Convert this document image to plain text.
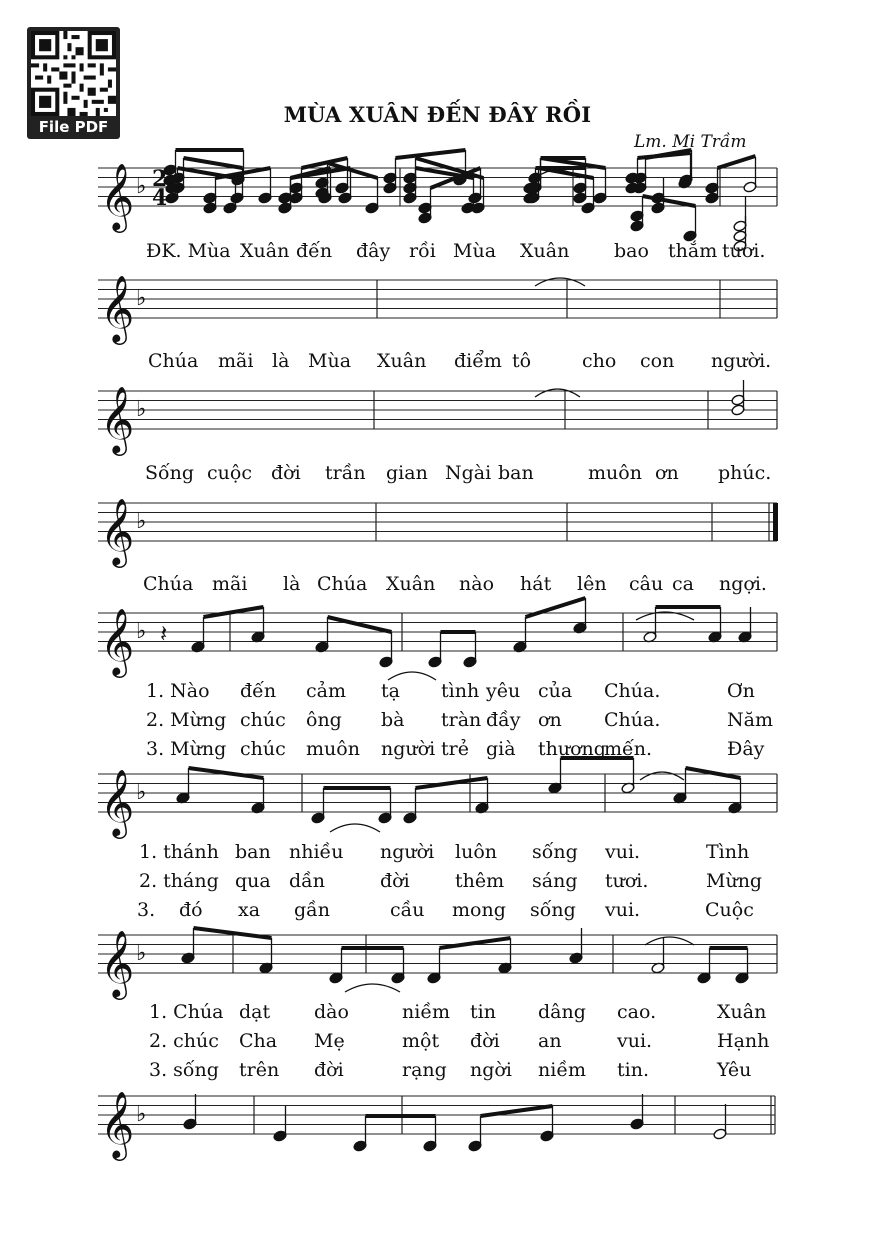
File PDF	MÙA XUÂN ĐẾN ĐÂY RỒI
Lm. Mi Trầm
𝄞 ♭
𝄞 ♭
𝄞 ♭
𝄞 ♭
𝄞 ♭
𝄞 ♭
𝄞 ♭
𝄞 ♭
2
4
𝄽
ĐK. Mùa Xuân đến đây rồi Mùa Xuân bao thắm tươi.
Chúa mãi là Mùa Xuân điểm tô	cho con người.
Sống cuộc đời trần gian Ngài ban	muôn ơn phúc.
Chúa mãi là Chúa Xuân nào hát lên câu ca ngợi.
1. Nào đến cảm tạ tình yêu của Chúa.	Ơn
2. Mừng chúc ông bà tràn đầy ơn Chúa.	Năm
3. Mừng chúc muôn người trẻ già thương
mến.	Đây
1. thánh ban nhiều người luôn sống vui.	Tình
2. tháng qua dần	đời thêm sáng tươi.	Mừng
3. đó xa gần	cầu mong sống vui.	Cuộc
1. Chúa dạt dào	niềm tin dâng cao.	Xuân
2. chúc Cha Mẹ	một đời an	vui.	Hạnh
3. sống trên đời	rạng ngời niềm tin.	Yêu
